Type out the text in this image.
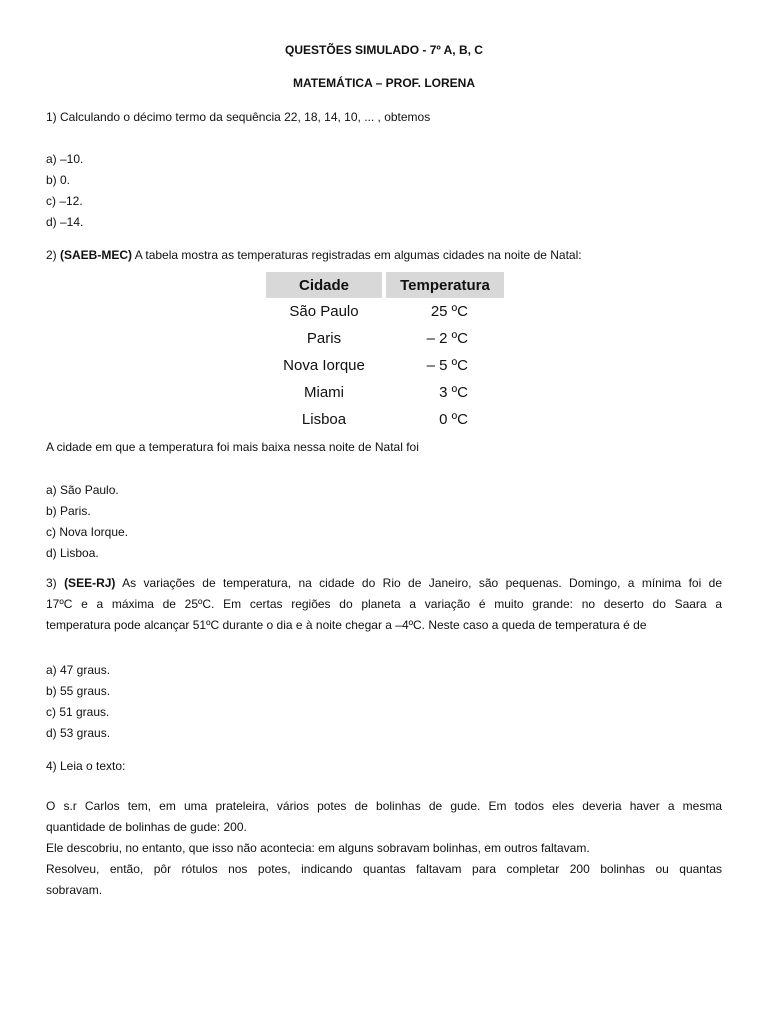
QUESTÕES SIMULADO - 7º A, B, C
MATEMÁTICA – PROF. LORENA
1) Calculando o décimo termo da sequência 22, 18, 14, 10, ... , obtemos
a) –10.
b) 0.
c) –12.
d) –14.
2) (SAEB-MEC) A tabela mostra as temperaturas registradas em algumas cidades na noite de Natal:
Cidade	Temperatura
São Paulo	25 ºC
Paris	– 2 ºC
Nova Iorque	– 5 ºC
Miami	3 ºC
Lisboa	0 ºC
A cidade em que a temperatura foi mais baixa nessa noite de Natal foi
a) São Paulo.
b) Paris.
c) Nova Iorque.
d) Lisboa.
3) (SEE-RJ) As variações de temperatura, na cidade do Rio de Janeiro, são pequenas. Domingo, a mínima foi de
17ºC e a máxima de 25ºC. Em certas regiões do planeta a variação é muito grande: no deserto do Saara a
temperatura pode alcançar 51ºC durante o dia e à noite chegar a –4ºC. Neste caso a queda de temperatura é de
a) 47 graus.
b) 55 graus.
c) 51 graus.
d) 53 graus.
4) Leia o texto:
O s.r Carlos tem, em uma prateleira, vários potes de bolinhas de gude. Em todos eles deveria haver a mesma
quantidade de bolinhas de gude: 200.
Ele descobriu, no entanto, que isso não acontecia: em alguns sobravam bolinhas, em outros faltavam.
Resolveu, então, pôr rótulos nos potes, indicando quantas faltavam para completar 200 bolinhas ou quantas
sobravam.
